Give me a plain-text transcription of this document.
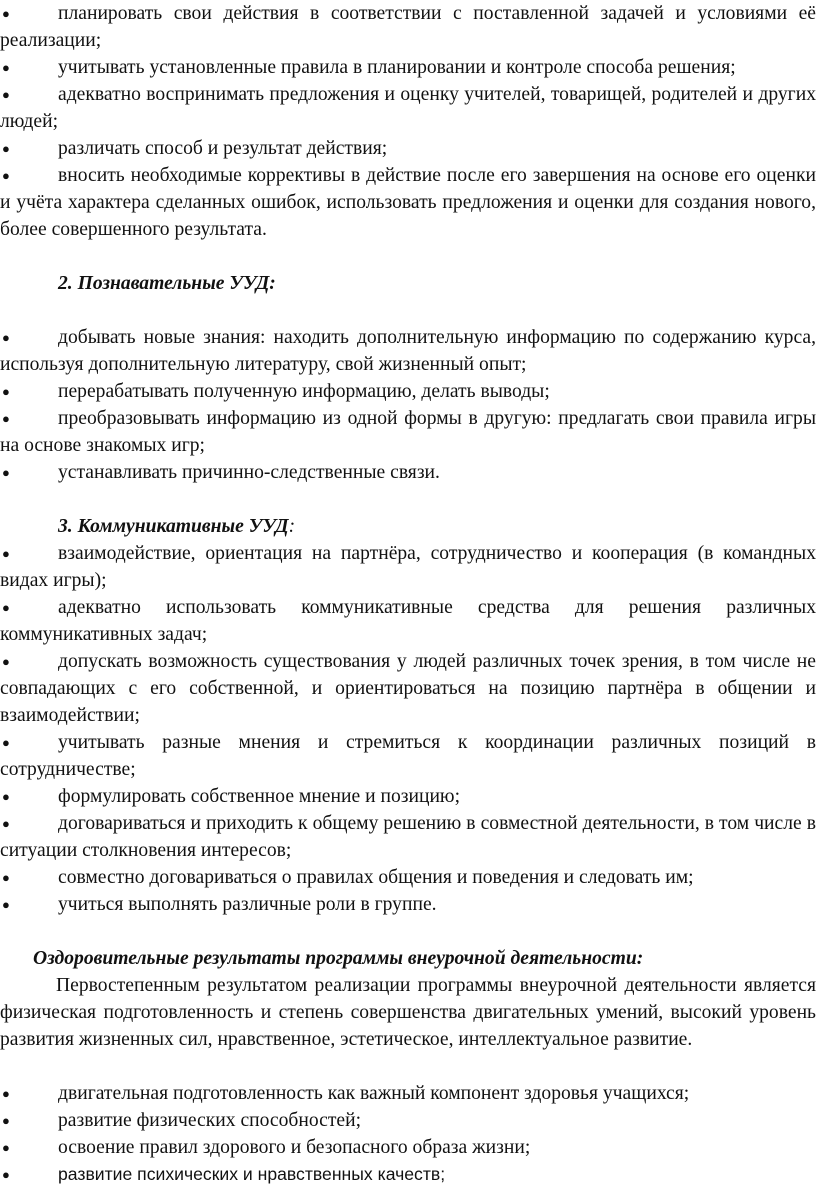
● планировать свои действия в соответствии с поставленной задачей и условиями её реализации;

● учитывать установленные правила в планировании и контроле способа решения;

● адекватно воспринимать предложения и оценку учителей, товарищей, родителей и других людей;

● различать способ и результат действия;

● вносить необходимые коррективы в действие после его завершения на основе его оценки и учёта характера сделанных ошибок, использовать предложения и оценки для создания нового, более совершенного результата.

2. Познавательные УУД:

● добывать новые знания: находить дополнительную информацию по содержанию курса, используя дополнительную литературу, свой жизненный опыт;

● перерабатывать полученную информацию, делать выводы;

● преобразовывать информацию из одной формы в другую: предлагать свои правила игры на основе знакомых игр;

● устанавливать причинно-следственные связи.

3. Коммуникативные УУД:

● взаимодействие, ориентация на партнёра, сотрудничество и кооперация (в командных видах игры);

● адекватно использовать коммуникативные средства для решения различных коммуникативных задач;

● допускать возможность существования у людей различных точек зрения, в том числе не совпадающих с его собственной, и ориентироваться на позицию партнёра в общении и взаимодействии;

● учитывать разные мнения и стремиться к координации различных позиций в сотрудничестве;

● формулировать собственное мнение и позицию;

● договариваться и приходить к общему решению в совместной деятельности, в том числе в ситуации столкновения интересов;

● совместно договариваться о правилах общения и поведения и следовать им;

● учиться выполнять различные роли в группе.

Оздоровительные результаты программы внеурочной деятельности:

Первостепенным результатом реализации программы внеурочной деятельности является физическая подготовленность и степень совершенства двигательных умений, высокий уровень развития жизненных сил, нравственное, эстетическое, интеллектуальное развитие.

● двигательная подготовленность как важный компонент здоровья учащихся;

● развитие физических способностей;

● освоение правил здорового и безопасного образа жизни;

●	развитие психических и нравственных качеств;
